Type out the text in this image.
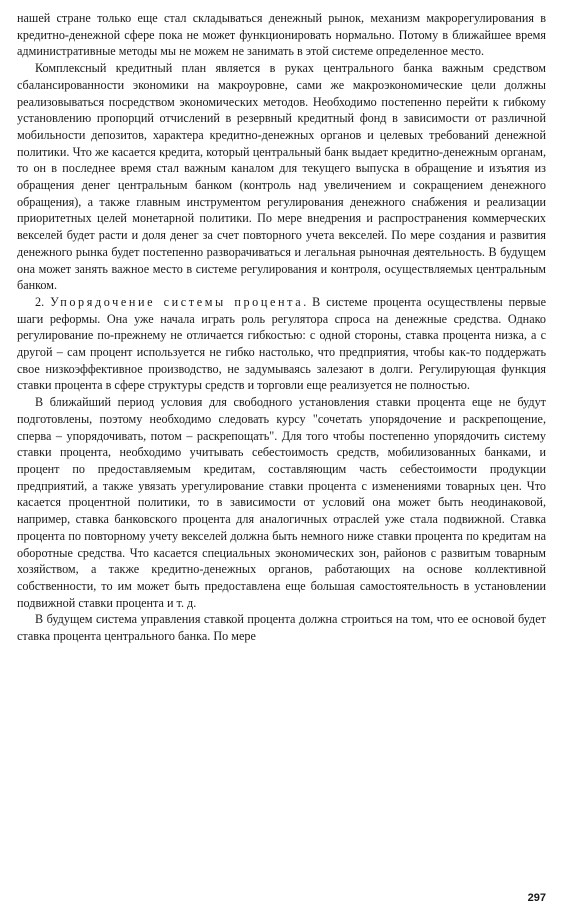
нашей стране только еще стал складываться денежный рынок, механизм макрорегулирования в кредитно-денежной сфере пока не может функционировать нормально. Потому в ближайшее время административные методы мы не можем не занимать в этой системе определенное место.

Комплексный кредитный план является в руках центрального банка важным средством сбалансированности экономики на макроуровне, сами же макроэкономические цели должны реализовываться посредством экономических методов. Необходимо постепенно перейти к гибкому установлению пропорций отчислений в резервный кредитный фонд в зависимости от различной мобильности депозитов, характера кредитно-денежных органов и целевых требований денежной политики. Что же касается кредита, который центральный банк выдает кредитно-денежным органам, то он в последнее время стал важным каналом для текущего выпуска в обращение и изъятия из обращения денег центральным банком (контроль над увеличением и сокращением денежного обращения), а также главным инструментом регулирования денежного снабжения и реализации приоритетных целей монетарной политики. По мере внедрения и распространения коммерческих векселей будет расти и доля денег за счет повторного учета векселей. По мере создания и развития денежного рынка будет постепенно разворачиваться и легальная рыночная деятельность. В будущем она может занять важное место в системе регулирования и контроля, осуществляемых центральным банком.

2. Упорядочение системы процента. В системе процента осуществлены первые шаги реформы. Она уже начала играть роль регулятора спроса на денежные средства. Однако регулирование по-прежнему не отличается гибкостью: с одной стороны, ставка процента низка, а с другой – сам процент используется не гибко настолько, что предприятия, чтобы как-то поддержать свое низкоэффективное производство, не задумываясь залезают в долги. Регулирующая функция ставки процента в сфере структуры средств и торговли еще реализуется не полностью.

В ближайший период условия для свободного установления ставки процента еще не будут подготовлены, поэтому необходимо следовать курсу "сочетать упорядочение и раскрепощение, сперва – упорядочивать, потом – раскрепощать". Для того чтобы постепенно упорядочить систему ставки процента, необходимо учитывать себестоимость средств, мобилизованных банками, и процент по предоставляемым кредитам, составляющим часть себестоимости продукции предприятий, а также увязать урегулирование ставки процента с изменениями товарных цен. Что касается процентной политики, то в зависимости от условий она может быть неодинаковой, например, ставка банковского процента для аналогичных отраслей уже стала подвижной. Ставка процента по повторному учету векселей должна быть немного ниже ставки процента по кредитам на оборотные средства. Что касается специальных экономических зон, районов с развитым товарным хозяйством, а также кредитно-денежных органов, работающих на основе коллективной собственности, то им может быть предоставлена еще большая самостоятельность в установлении подвижной ставки процента и т. д.

В будущем система управления ставкой процента должна строиться на том, что ее основой будет ставка процента центрального банка. По мере

297
